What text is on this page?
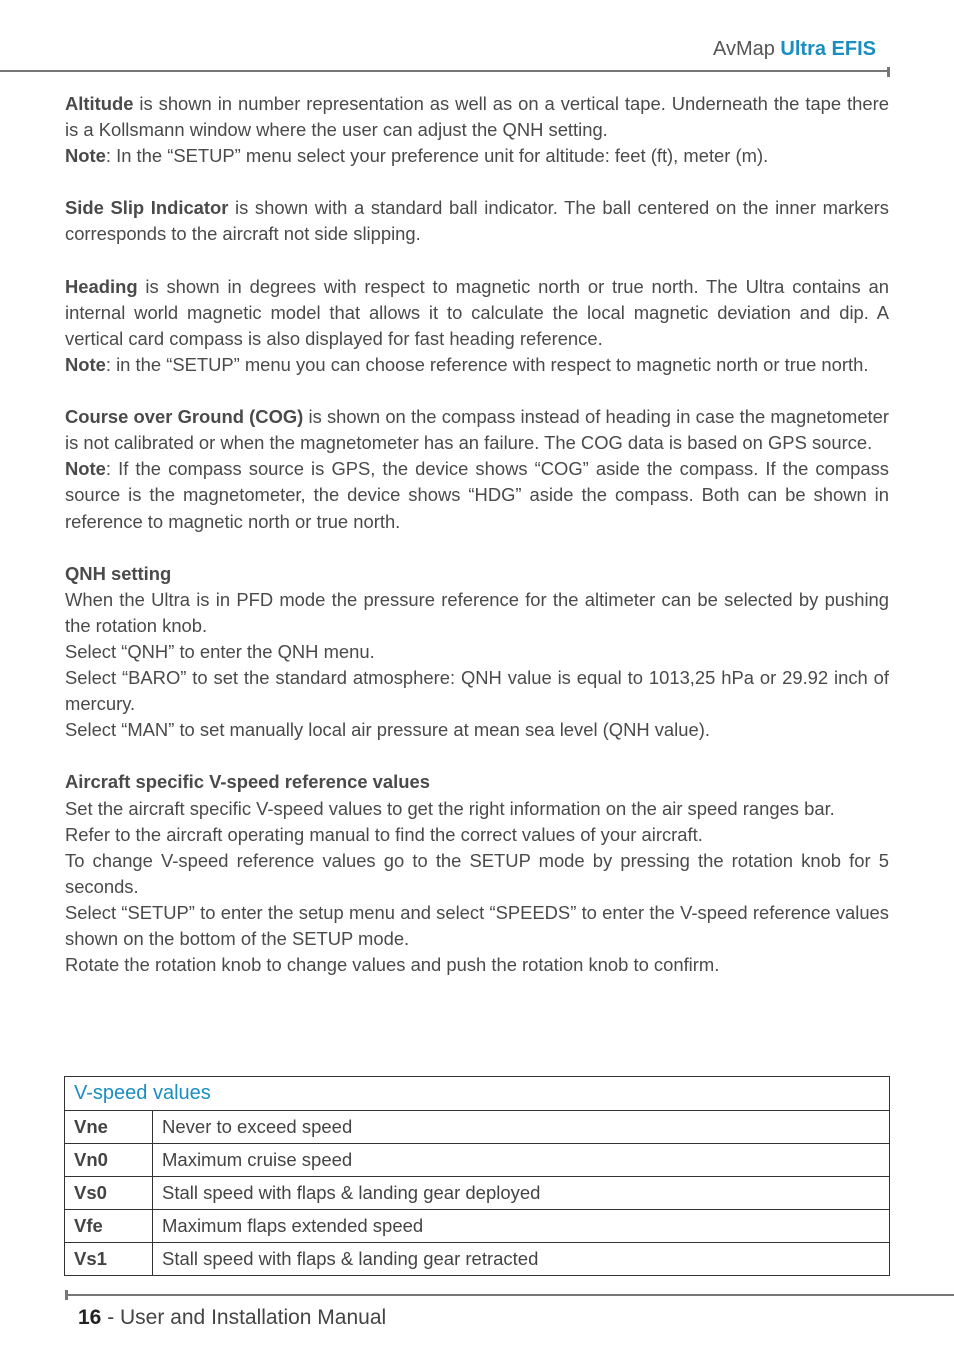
AvMap Ultra EFIS

Altitude is shown in number representation as well as on a vertical tape. Underneath the tape there is a Kollsmann window where the user can adjust the QNH setting.

Note: In the “SETUP” menu select your preference unit for altitude: feet (ft), meter (m).

Side Slip Indicator is shown with a standard ball indicator. The ball centered on the inner markers corresponds to the aircraft not side slipping.

Heading is shown in degrees with respect to magnetic north or true north. The Ultra contains an internal world magnetic model that allows it to calculate the local magnetic deviation and dip. A vertical card compass is also displayed for fast heading reference.

Note: in the “SETUP” menu you can choose reference with respect to magnetic north or true north.

Course over Ground (COG) is shown on the compass instead of heading in case the magnetometer is not calibrated or when the magnetometer has an failure. The COG data is based on GPS source.

Note: If the compass source is GPS, the device shows “COG” aside the compass. If the compass source is the magnetometer, the device shows “HDG” aside the compass. Both can be shown in reference to magnetic north or true north.

QNH setting

When the Ultra is in PFD mode the pressure reference for the altimeter can be selected by pushing the rotation knob.

Select “QNH” to enter the QNH menu.

Select “BARO” to set the standard atmosphere: QNH value is equal to 1013,25 hPa or 29.92 inch of mercury.

Select “MAN” to set manually local air pressure at mean sea level (QNH value).

Aircraft specific V-speed reference values

Set the aircraft specific V-speed values to get the right information on the air speed ranges bar.

Refer to the aircraft operating manual to find the correct values of your aircraft.

To change V-speed reference values go to the SETUP mode by pressing the rotation knob for 5 seconds.

Select “SETUP” to enter the setup menu and select “SPEEDS” to enter the V-speed reference values shown on the bottom of the SETUP mode.

Rotate the rotation knob to change values and push the rotation knob to confirm.

V-speed values	
Vne	Never to exceed speed
Vn0	Maximum cruise speed
Vs0	Stall speed with flaps & landing gear deployed
Vfe	Maximum flaps extended speed
Vs1	Stall speed with flaps & landing gear retracted
16 - User and Installation Manual
